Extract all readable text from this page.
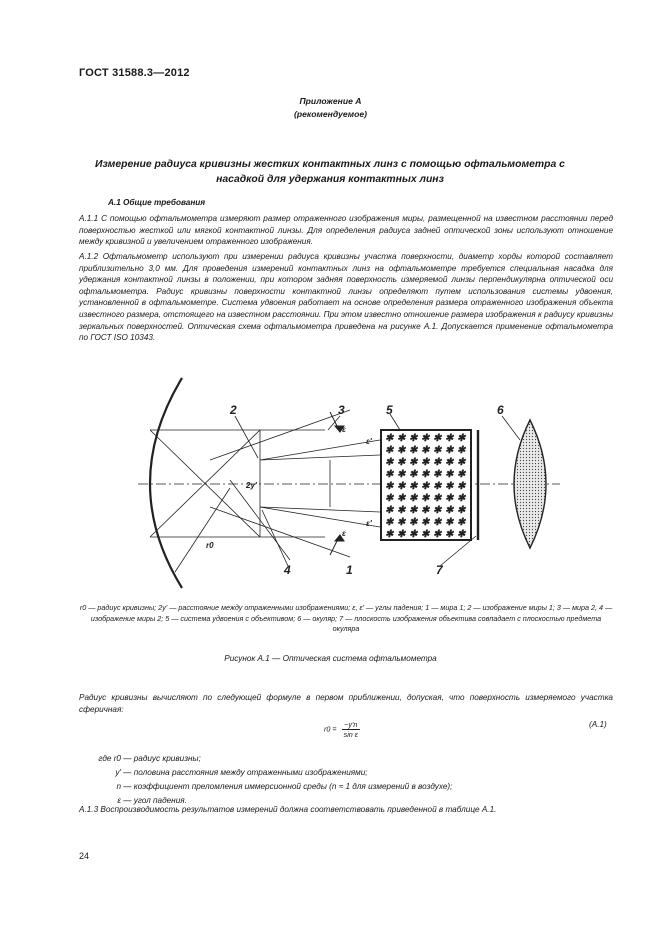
ГОСТ 31588.3—2012
Приложение А
(рекомендуемое)
Измерение радиуса кривизны жестких контактных линз с помощью офтальмометра с насадкой для удержания контактных линз
А.1 Общие требования
А.1.1 С помощью офтальмометра измеряют размер отраженного изображения миры, размещенной на известном расстоянии перед поверхностью жесткой или мягкой контактной линзы. Для определения радиуса задней оптической зоны используют отношение между кривизной и увеличением отраженного изображения.
А.1.2 Офтальмометр используют при измерении радиуса кривизны участка поверхности, диаметр хорды которой составляет приблизительно 3,0 мм. Для проведения измерений контактных линз на офтальмометре требуется специальная насадка для удержания контактной линзы в положении, при котором задняя поверхность измеряемой линзы перпендикулярна оптической оси офтальмометра. Радиус кривизны поверхности контактной линзы определяют путем использования системы удвоения, установленной в офтальмометре. Система удвоения работает на основе определения размера отраженного изображения объекта известного размера, отстоящего на известном расстоянии. При этом известно отношение размера изображения к радиусу кривизны зеркальных поверхностей. Оптическая схема офтальмометра приведена на рисунке А.1. Допускается применение офтальмометра по ГОСТ ISO 10343.
2	3	5	6
4	1	7
r0
ε
ε
ε'
ε'
2y'
r0 — радиус кривизны; 2y' — расстояние между отраженными изображениями; ε, ε' — углы падения; 1 — мира 1; 2 — изображение миры 1; 3 — мира 2, 4 — изображение миры 2; 5 — система удвоения с объективом; 6 — окуляр; 7 — плоскость изображения объектива совпадает с плоскостью предмета окуляра
Рисунок А.1 — Оптическая система офтальмометра
Радиус кривизны вычисляют по следующей формуле в первом приближении, допуская, что поверхность измеряемого участка сферичная:
$r0 = \frac{-y'n}{\text{sin ε}}$	(А.1)
где r0 — радиус кривизны;
y' — половина расстояния между отраженными изображениями;
n — коэффициент преломления иммерсионной среды (n ≈ 1 для измерений в воздухе);
ε — угол падения.
А.1.3 Воспроизводимость результатов измерений должна соответствовать приведенной в таблице А.1.
24
